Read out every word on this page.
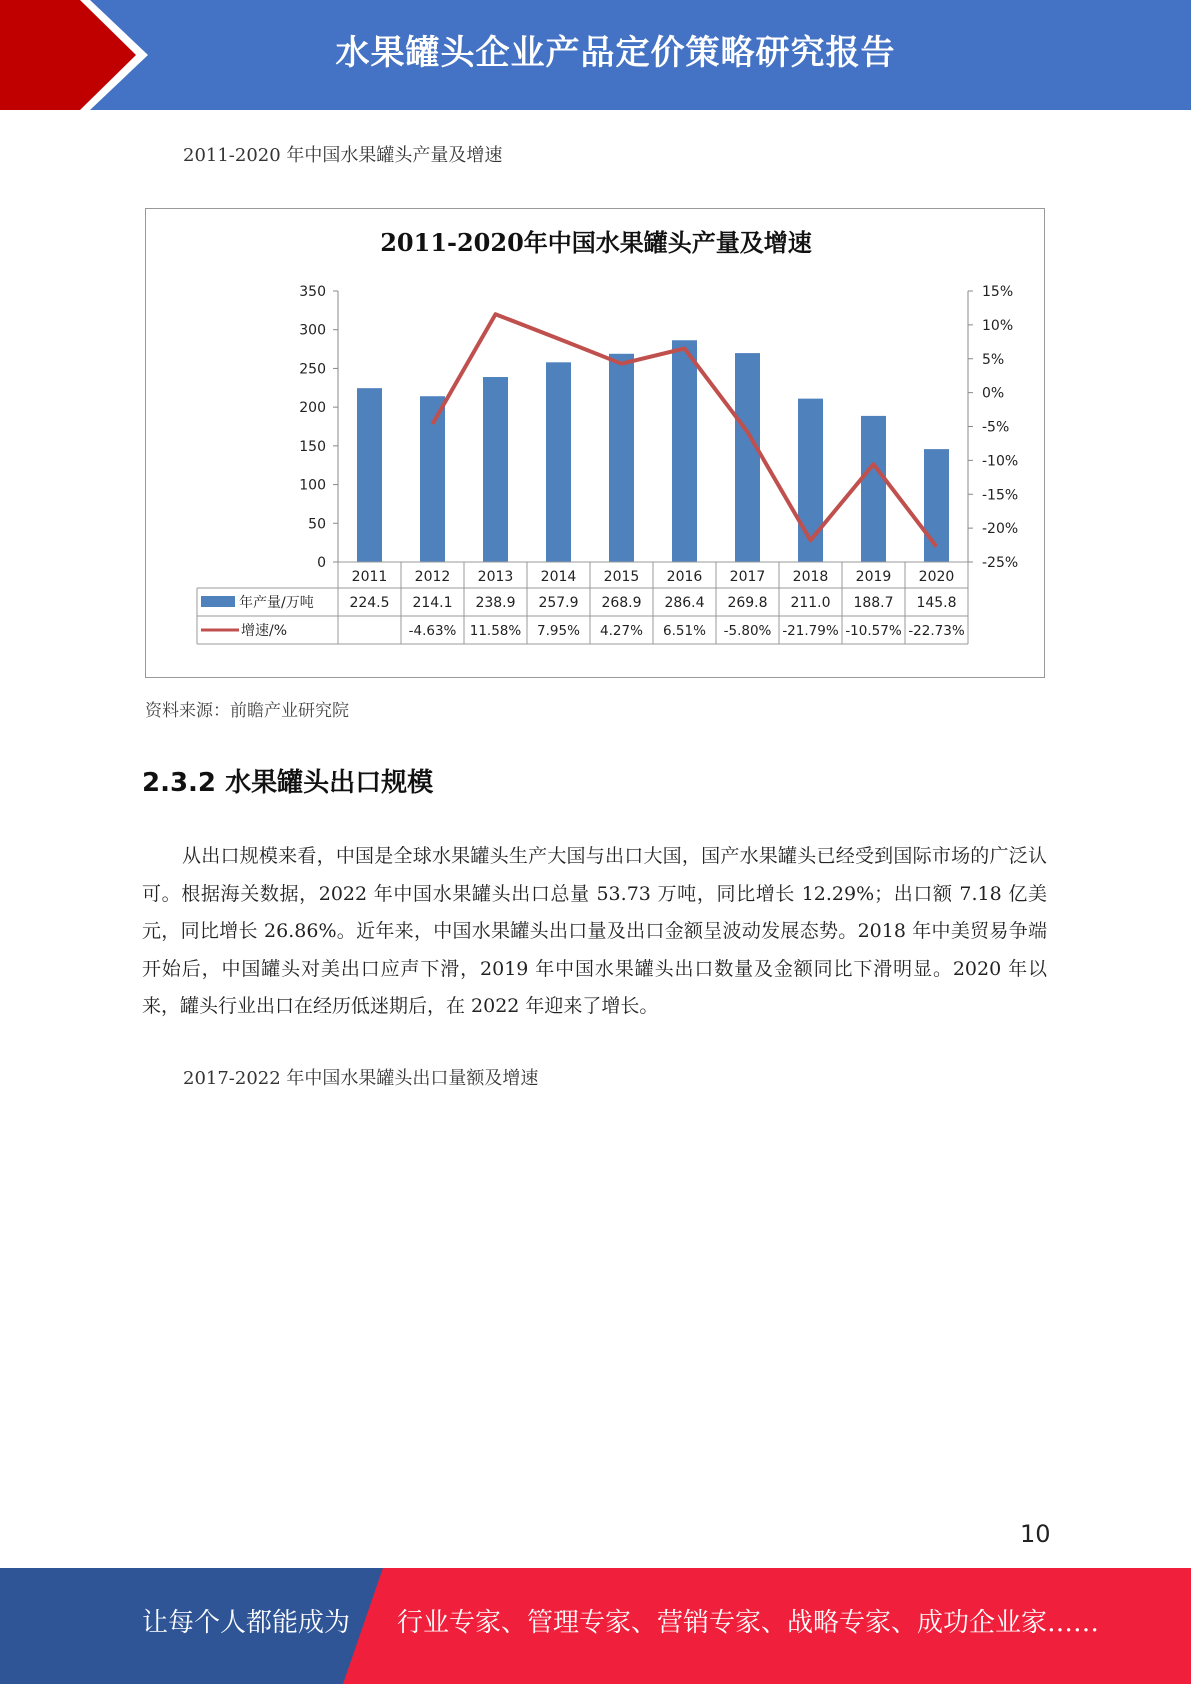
水果罐头企业产品定价策略研究报告
2011-2020 年中国水果罐头产量及增速
2011-2020年中国水果罐头产量及增速
0
50
100
150
200
250
300
350
-25%
-20%
-15%
-10%
-5%
0%
5%
10%
15%
2011 2012 2013 2014 2015 2016 2017 2018 2019 2020
年产量/万吨
增速/%
224.5 214.1 238.9 257.9 268.9 286.4 269.8 211.0 188.7 145.8
-4.63% 11.58% 7.95% 4.27% 6.51% -5.80% -21.79% -10.57% -22.73%
资料来源：前瞻产业研究院
2.3.2 水果罐头出口规模
从出口规模来看，中国是全球水果罐头生产大国与出口大国，国产水果罐头已经受到国际市场的广泛认可。根据海关数据，2022 年中国水果罐头出口总量 53.73 万吨，同比增长 12.29%；出口额 7.18 亿美元，同比增长 26.86%。近年来，中国水果罐头出口量及出口金额呈波动发展态势。2018 年中美贸易争端开始后，中国罐头对美出口应声下滑，2019 年中国水果罐头出口数量及金额同比下滑明显。2020 年以来，罐头行业出口在经历低迷期后，在 2022 年迎来了增长。
2017-2022 年中国水果罐头出口量额及增速
10
让每个人都能成为 行业专家、管理专家、营销专家、战略专家、成功企业家……
